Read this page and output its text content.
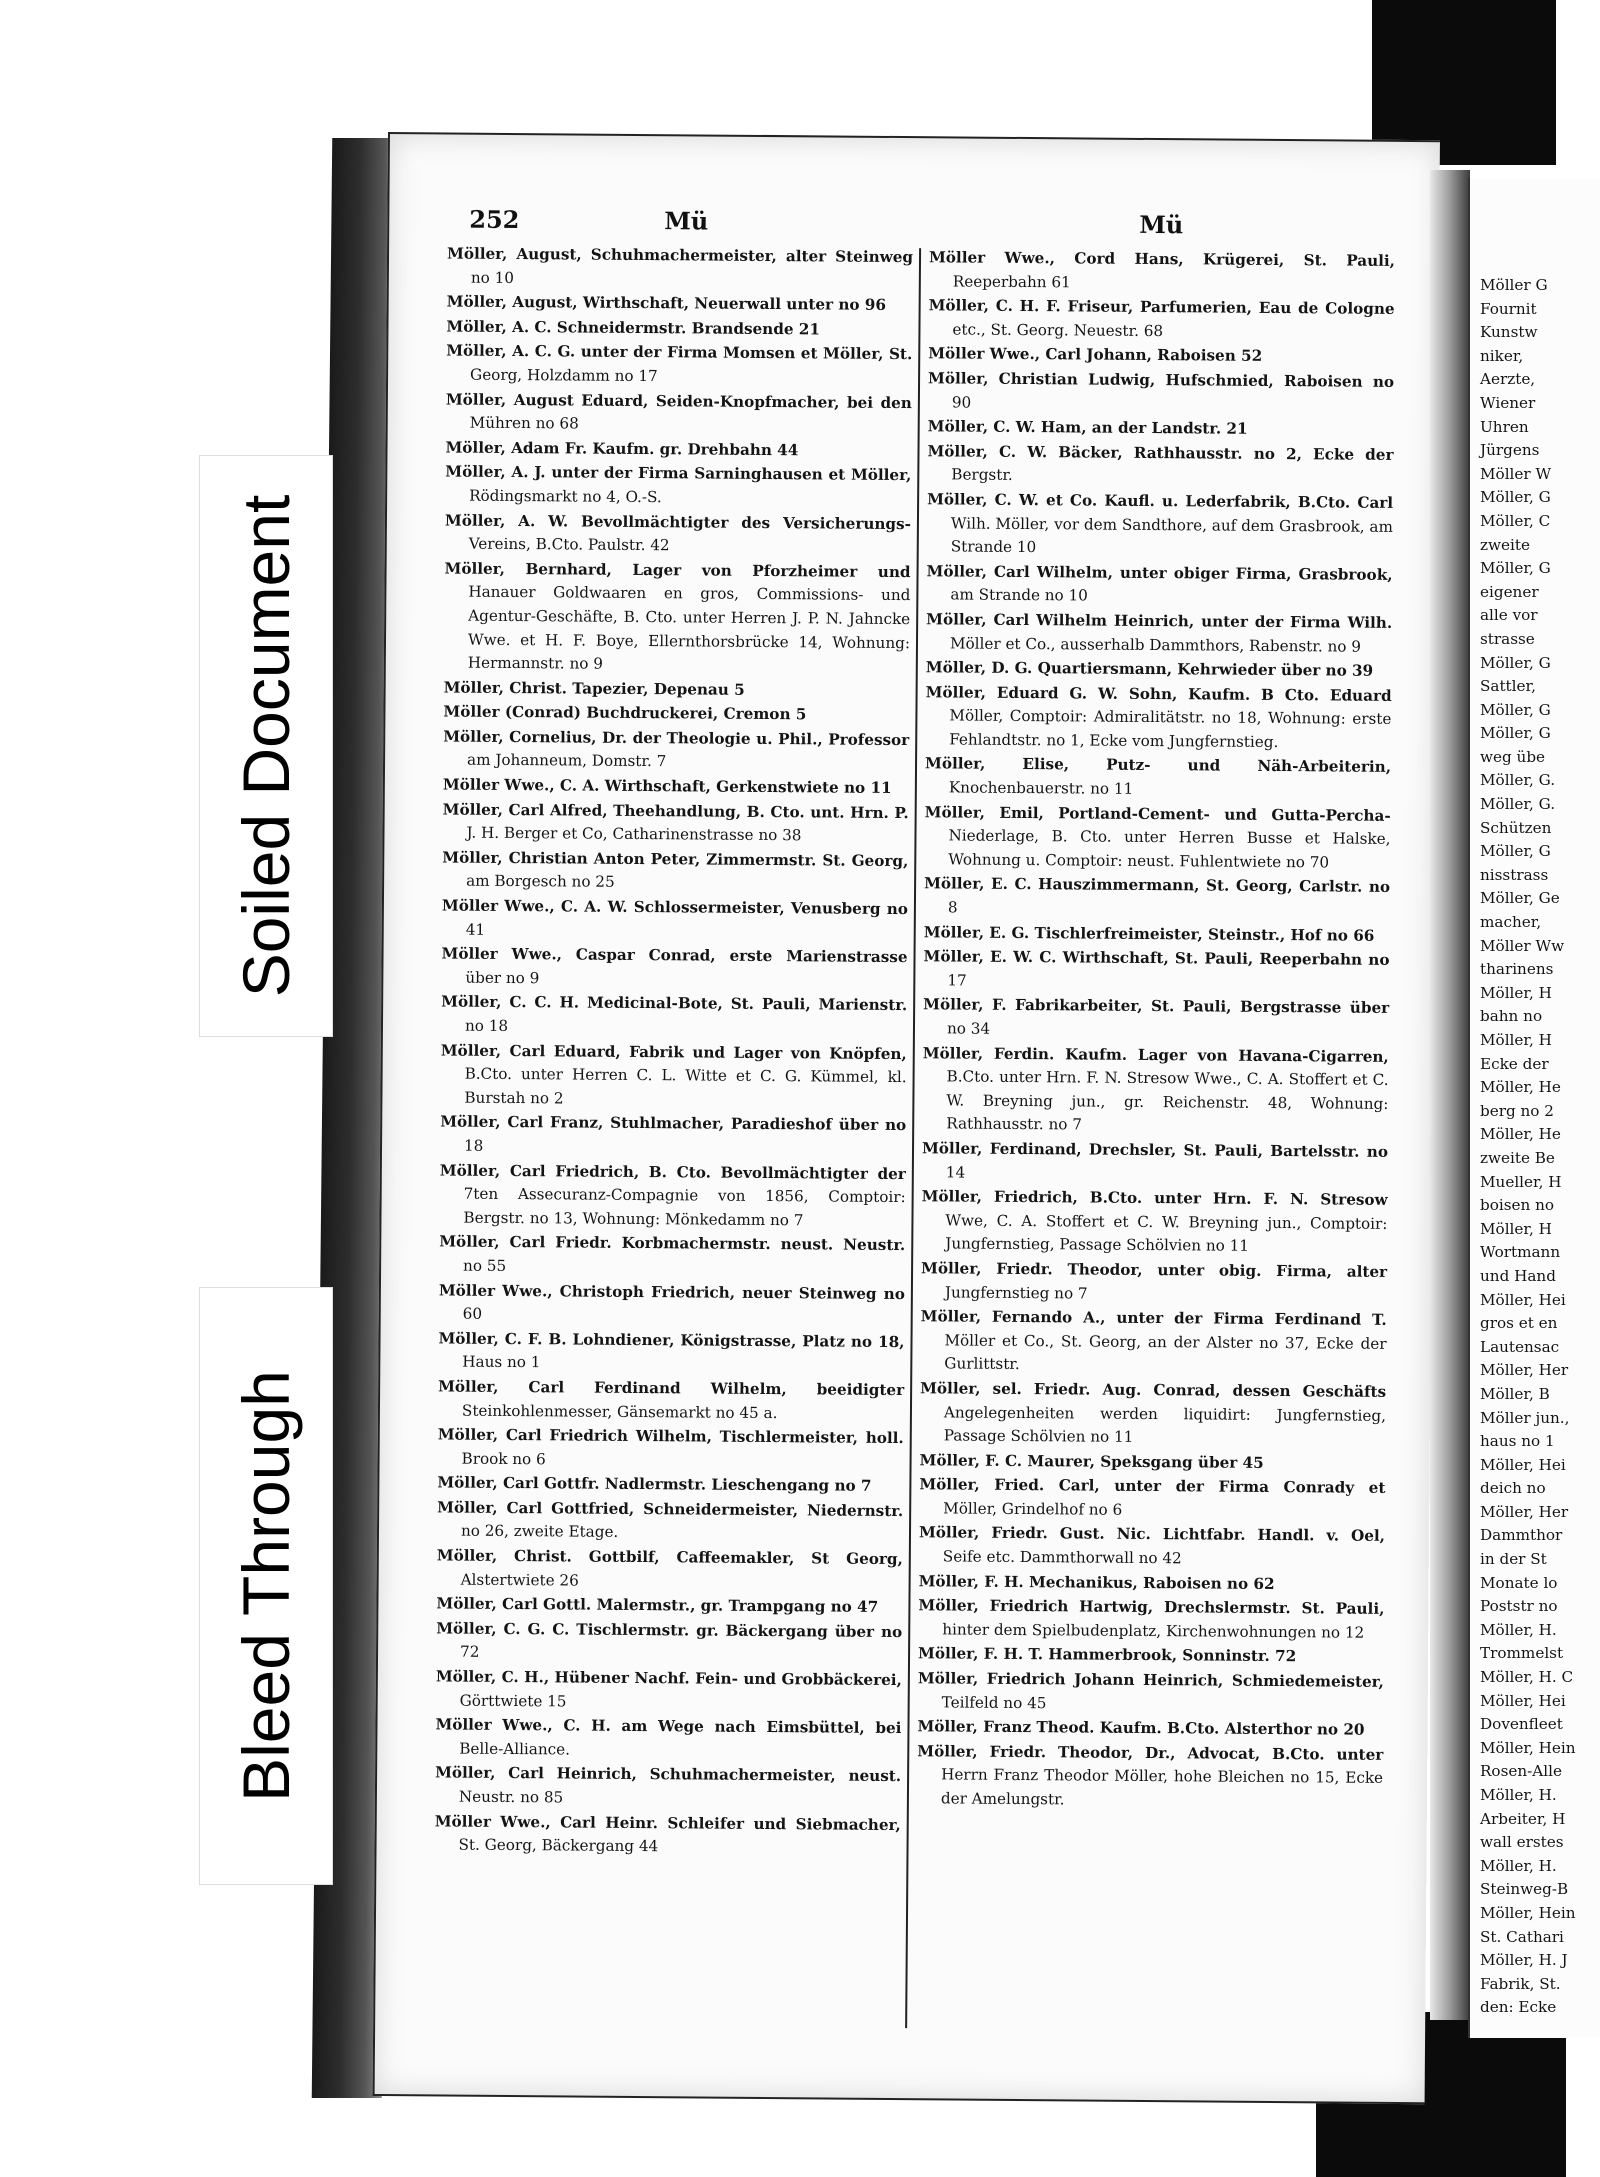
252	Mü	Mü
Möller, August, Schuhmachermeister, alter Steinweg no 10
Möller, August, Wirthschaft, Neuerwall unter no 96
Möller, A. C. Schneidermstr. Brandsende 21
Möller, A. C. G. unter der Firma Momsen et Möller, St. Georg, Holzdamm no 17
Möller, August Eduard, Seiden-Knopfmacher, bei den Mühren no 68
Möller, Adam Fr. Kaufm. gr. Drehbahn 44
Möller, A. J. unter der Firma Sarninghausen et Möller, Rödingsmarkt no 4, O.-S.
Möller, A. W. Bevollmächtigter des Versicherungs-Vereins, B.Cto. Paulstr. 42
Möller, Bernhard, Lager von Pforzheimer und Hanauer Goldwaaren en gros, Commissions- und Agentur-Geschäfte, B. Cto. unter Herren J. P. N. Jahncke Wwe. et H. F. Boye, Ellernthorsbrücke 14, Wohnung: Hermannstr. no 9
Möller, Christ. Tapezier, Depenau 5
Möller (Conrad) Buchdruckerei, Cremon 5
Möller, Cornelius, Dr. der Theologie u. Phil., Professor am Johanneum, Domstr. 7
Möller Wwe., C. A. Wirthschaft, Gerkenstwiete no 11
Möller, Carl Alfred, Theehandlung, B. Cto. unt. Hrn. P. J. H. Berger et Co, Catharinenstrasse no 38
Möller, Christian Anton Peter, Zimmermstr. St. Georg, am Borgesch no 25
Möller Wwe., C. A. W. Schlossermeister, Venusberg no 41
Möller Wwe., Caspar Conrad, erste Marienstrasse über no 9
Möller, C. C. H. Medicinal-Bote, St. Pauli, Marienstr. no 18
Möller, Carl Eduard, Fabrik und Lager von Knöpfen, B.Cto. unter Herren C. L. Witte et C. G. Kümmel, kl. Burstah no 2
Möller, Carl Franz, Stuhlmacher, Paradieshof über no 18
Möller, Carl Friedrich, B. Cto. Bevollmächtigter der 7ten Assecuranz-Compagnie von 1856, Comptoir: Bergstr. no 13, Wohnung: Mönkedamm no 7
Möller, Carl Friedr. Korbmachermstr. neust. Neustr. no 55
Möller Wwe., Christoph Friedrich, neuer Steinweg no 60
Möller, C. F. B. Lohndiener, Königstrasse, Platz no 18, Haus no 1
Möller, Carl Ferdinand Wilhelm, beeidigter Steinkohlenmesser, Gänsemarkt no 45 a.
Möller, Carl Friedrich Wilhelm, Tischlermeister, holl. Brook no 6
Möller, Carl Gottfr. Nadlermstr. Lieschengang no 7
Möller, Carl Gottfried, Schneidermeister, Niedernstr. no 26, zweite Etage.
Möller, Christ. Gottbilf, Caffeemakler, St Georg, Alstertwiete 26
Möller, Carl Gottl. Malermstr., gr. Trampgang no 47
Möller, C. G. C. Tischlermstr. gr. Bäckergang über no 72
Möller, C. H., Hübener Nachf. Fein- und Grobbäckerei, Görttwiete 15
Möller Wwe., C. H. am Wege nach Eimsbüttel, bei Belle-Alliance.
Möller, Carl Heinrich, Schuhmachermeister, neust. Neustr. no 85
Möller Wwe., Carl Heinr. Schleifer und Siebmacher, St. Georg, Bäckergang 44
Möller Wwe., Cord Hans, Krügerei, St. Pauli, Reeperbahn 61
Möller, C. H. F. Friseur, Parfumerien, Eau de Cologne etc., St. Georg. Neuestr. 68
Möller Wwe., Carl Johann, Raboisen 52
Möller, Christian Ludwig, Hufschmied, Raboisen no 90
Möller, C. W. Ham, an der Landstr. 21
Möller, C. W. Bäcker, Rathhausstr. no 2, Ecke der Bergstr.
Möller, C. W. et Co. Kaufl. u. Lederfabrik, B.Cto. Carl Wilh. Möller, vor dem Sandthore, auf dem Grasbrook, am Strande 10
Möller, Carl Wilhelm, unter obiger Firma, Grasbrook, am Strande no 10
Möller, Carl Wilhelm Heinrich, unter der Firma Wilh. Möller et Co., ausserhalb Dammthors, Rabenstr. no 9
Möller, D. G. Quartiersmann, Kehrwieder über no 39
Möller, Eduard G. W. Sohn, Kaufm. B Cto. Eduard Möller, Comptoir: Admiralitätstr. no 18, Wohnung: erste Fehlandtstr. no 1, Ecke vom Jungfernstieg.
Möller, Elise, Putz- und Näh-Arbeiterin, Knochenbauerstr. no 11
Möller, Emil, Portland-Cement- und Gutta-Percha-Niederlage, B. Cto. unter Herren Busse et Halske, Wohnung u. Comptoir: neust. Fuhlentwiete no 70
Möller, E. C. Hauszimmermann, St. Georg, Carlstr. no 8
Möller, E. G. Tischlerfreimeister, Steinstr., Hof no 66
Möller, E. W. C. Wirthschaft, St. Pauli, Reeperbahn no 17
Möller, F. Fabrikarbeiter, St. Pauli, Bergstrasse über no 34
Möller, Ferdin. Kaufm. Lager von Havana-Cigarren, B.Cto. unter Hrn. F. N. Stresow Wwe., C. A. Stoffert et C. W. Breyning jun., gr. Reichenstr. 48, Wohnung: Rathhausstr. no 7
Möller, Ferdinand, Drechsler, St. Pauli, Bartelsstr. no 14
Möller, Friedrich, B.Cto. unter Hrn. F. N. Stresow Wwe, C. A. Stoffert et C. W. Breyning jun., Comptoir: Jungfernstieg, Passage Schölvien no 11
Möller, Friedr. Theodor, unter obig. Firma, alter Jungfernstieg no 7
Möller, Fernando A., unter der Firma Ferdinand T. Möller et Co., St. Georg, an der Alster no 37, Ecke der Gurlittstr.
Möller, sel. Friedr. Aug. Conrad, dessen Geschäfts Angelegenheiten werden liquidirt: Jungfernstieg, Passage Schölvien no 11
Möller, F. C. Maurer, Speksgang über 45
Möller, Fried. Carl, unter der Firma Conrady et Möller, Grindelhof no 6
Möller, Friedr. Gust. Nic. Lichtfabr. Handl. v. Oel, Seife etc. Dammthorwall no 42
Möller, F. H. Mechanikus, Raboisen no 62
Möller, Friedrich Hartwig, Drechslermstr. St. Pauli, hinter dem Spielbudenplatz, Kirchenwohnungen no 12
Möller, F. H. T. Hammerbrook, Sonninstr. 72
Möller, Friedrich Johann Heinrich, Schmiedemeister, Teilfeld no 45
Möller, Franz Theod. Kaufm. B.Cto. Alsterthor no 20
Möller, Friedr. Theodor, Dr., Advocat, B.Cto. unter Herrn Franz Theodor Möller, hohe Bleichen no 15, Ecke der Amelungstr.
Möller G
Fournit
Kunstw
niker,
Aerzte,
Wiener
Uhren
Jürgens
Möller W
Möller, G
Möller, C
zweite
Möller, G
eigener
alle vor
strasse
Möller, G
Sattler,
Möller, G
Möller, G
weg übe
Möller, G.
Möller, G.
Schützen
Möller, G
nisstrass
Möller, Ge
macher,
Möller Ww
tharinens
Möller, H
bahn no
Möller, H
Ecke der
Möller, He
berg no 2
Möller, He
zweite Be
Mueller, H
boisen no
Möller, H
Wortmann
und Hand
Möller, Hei
gros et en
Lautensac
Möller, Her
Möller, B
Möller jun.,
haus no 1
Möller, Hei
deich no
Möller, Her
Dammthor
in der St
Monate lo
Poststr no
Möller, H.
Trommelst
Möller, H. C
Möller, Hei
Dovenfleet
Möller, Hein
Rosen-Alle
Möller, H.
Arbeiter, H
wall erstes
Möller, H.
Steinweg-B
Möller, Hein
St. Cathari
Möller, H. J
Fabrik, St.
den: Ecke
Soiled Document
Bleed Through
